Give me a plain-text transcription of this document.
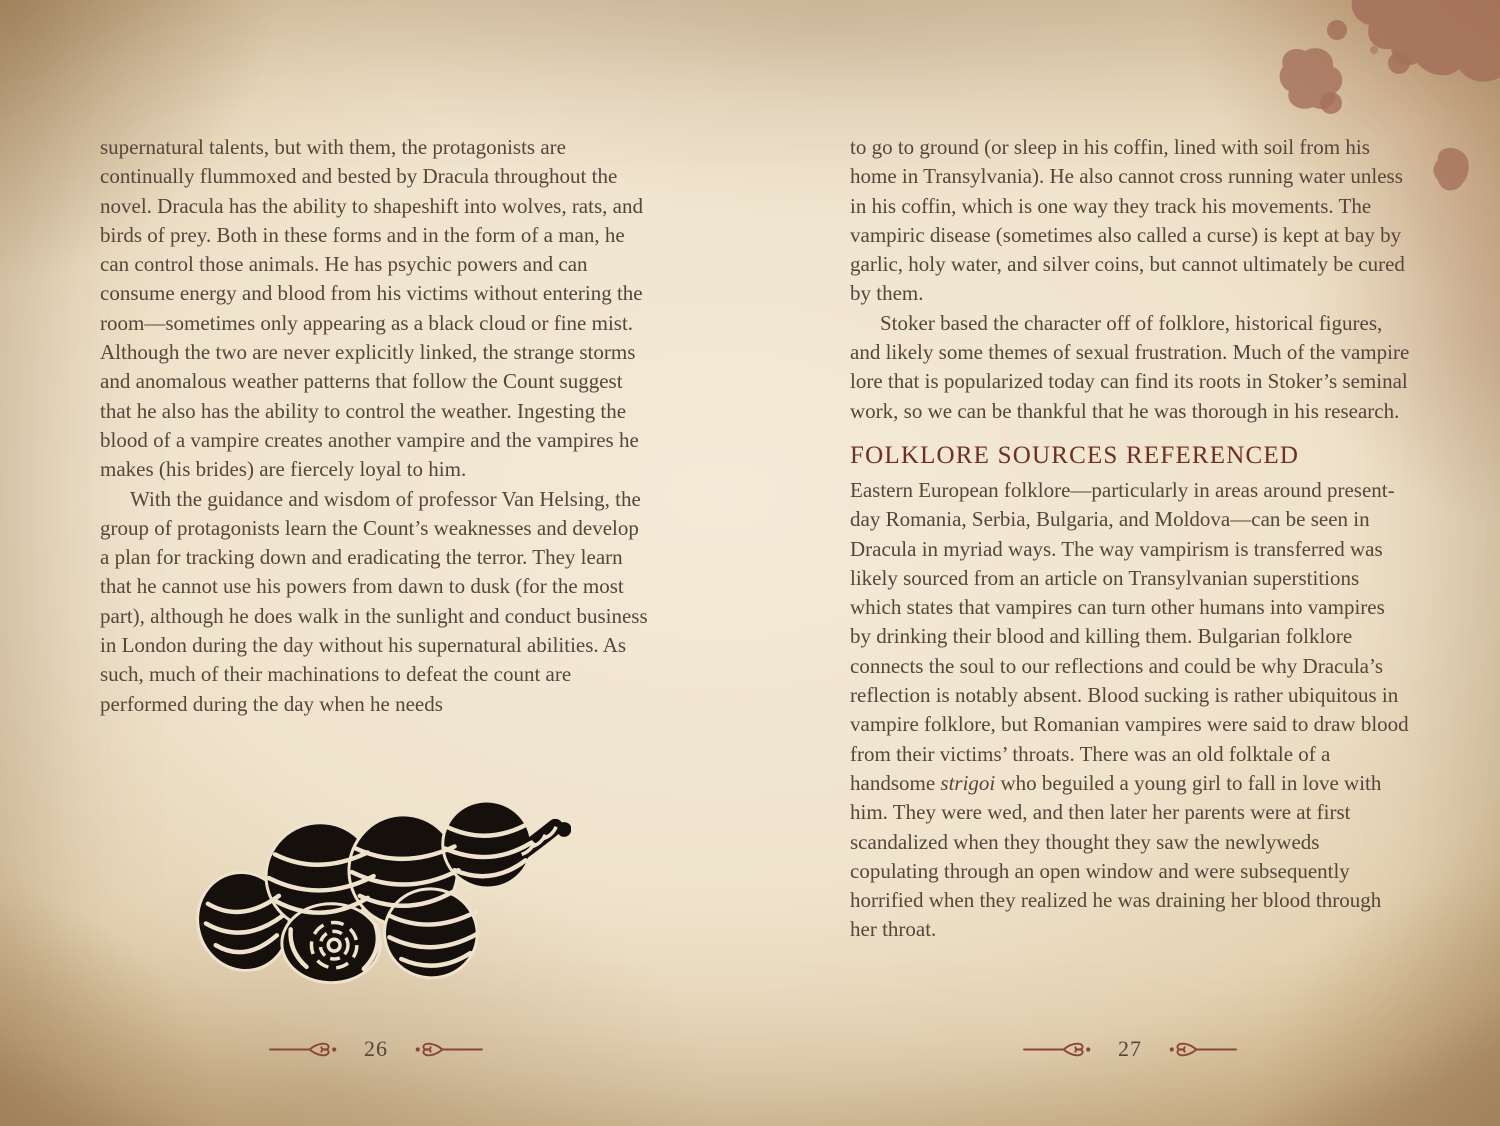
supernatural talents, but with them, the protagonists are continually flummoxed and bested by Dracula throughout the novel. Dracula has the ability to shapeshift into wolves, rats, and birds of prey. Both in these forms and in the form of a man, he can control those animals. He has psychic powers and can consume energy and blood from his victims without entering the room—sometimes only appearing as a black cloud or fine mist. Although the two are never explicitly linked, the strange storms and anomalous weather patterns that follow the Count suggest that he also has the ability to control the weather. Ingesting the blood of a vampire creates another vampire and the vampires he makes (his brides) are fiercely loyal to him.

With the guidance and wisdom of professor Van Helsing, the group of protagonists learn the Count’s weaknesses and develop a plan for tracking down and eradicating the terror. They learn that he cannot use his powers from dawn to dusk (for the most part), although he does walk in the sunlight and conduct business in London during the day without his supernatural abilities. As such, much of their machinations to defeat the count are performed during the day when he needs

26

to go to ground (or sleep in his coffin, lined with soil from his home in Transylvania). He also cannot cross running water unless in his coffin, which is one way they track his movements. The vampiric disease (sometimes also called a curse) is kept at bay by garlic, holy water, and silver coins, but cannot ultimately be cured by them.

Stoker based the character off of folklore, historical figures, and likely some themes of sexual frustration. Much of the vampire lore that is popularized today can find its roots in Stoker’s seminal work, so we can be thankful that he was thorough in his research.

FOLKLORE SOURCES REFERENCED

Eastern European folklore—particularly in areas around present-day Romania, Serbia, Bulgaria, and Moldova—can be seen in Dracula in myriad ways. The way vampirism is transferred was likely sourced from an article on Transylvanian superstitions which states that vampires can turn other humans into vampires by drinking their blood and killing them. Bulgarian folklore connects the soul to our reflections and could be why Dracula’s reflection is notably absent. Blood sucking is rather ubiquitous in vampire folklore, but Romanian vampires were said to draw blood from their victims’ throats. There was an old folktale of a handsome strigoi who beguiled a young girl to fall in love with him. They were wed, and then later her parents were at first scandalized when they thought they saw the newlyweds copulating through an open window and were subsequently horrified when they realized he was draining her blood through her throat.

27
